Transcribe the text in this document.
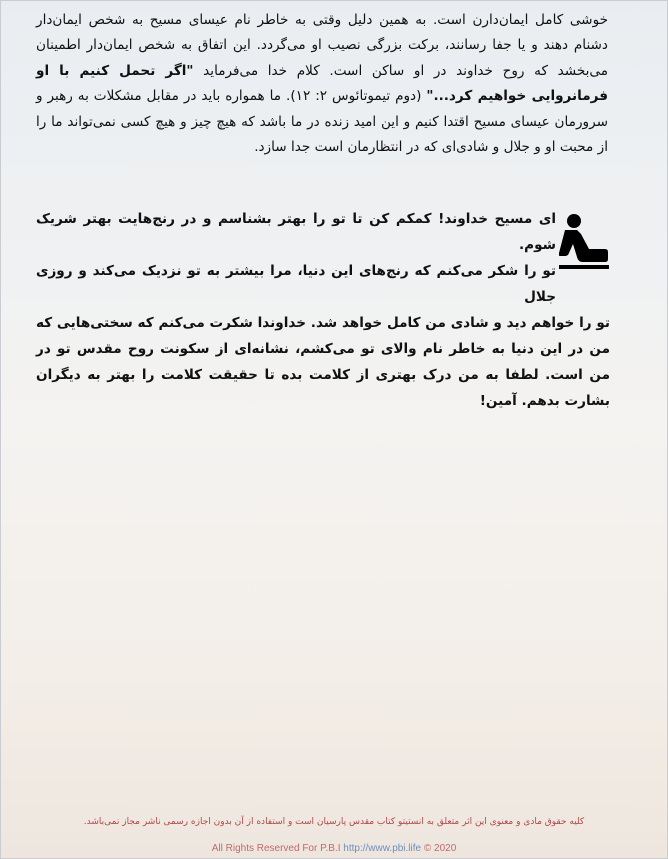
خوشی کامل ایمان‌دارن است. به همین دلیل وقتی به خاطر نام عیسای مسیح به شخص ایمان‌دار دشنام دهند و یا جفا رسانند، برکت بزرگی نصیب او می‌گردد. این اتفاق به شخص ایمان‌دار اطمینان می‌بخشد که روح خداوند در او ساکن است. کلام خدا می‌فرماید "اگر تحمل کنیم با او فرمانروایی خواهیم کرد..." (دوم تیموتائوس ۲: ۱۲). ما همواره باید در مقابل مشکلات به رهبر و سرورمان عیسای مسیح اقتدا کنیم و این امید زنده در ما باشد که هیچ چیز و هیچ کسی نمی‌تواند ما را از محبت او و جلال و شادی‌ای که در انتظارمان است جدا سازد.
ای مسیح خداوند! کمکم کن تا تو را بهتر بشناسم و در رنج‌هایت بهتر شریک شوم.
تو را شکر می‌کنم که رنج‌های این دنیا، مرا بیشتر به تو نزدیک می‌کند و روزی جلال
تو را خواهم دید و شادی من کامل خواهد شد. خداوندا شکرت می‌کنم که سختی‌هایی که من در این دنیا به خاطر نام والای تو می‌کشم، نشانه‌ای از سکونت روح مقدس تو در من است. لطفا به من درک بهتری از کلامت بده تا حقیقت کلامت را بهتر به دیگران بشارت بدهم. آمین!
کلیه حقوق مادی و معنوی این اثر متعلق به انستیتو کتاب مقدس پارسیان است و استفاده از آن بدون اجازه رسمی ناشر مجاز نمی‌باشد.
All Rights Reserved For P.B.I http://www.pbi.life © 2020
